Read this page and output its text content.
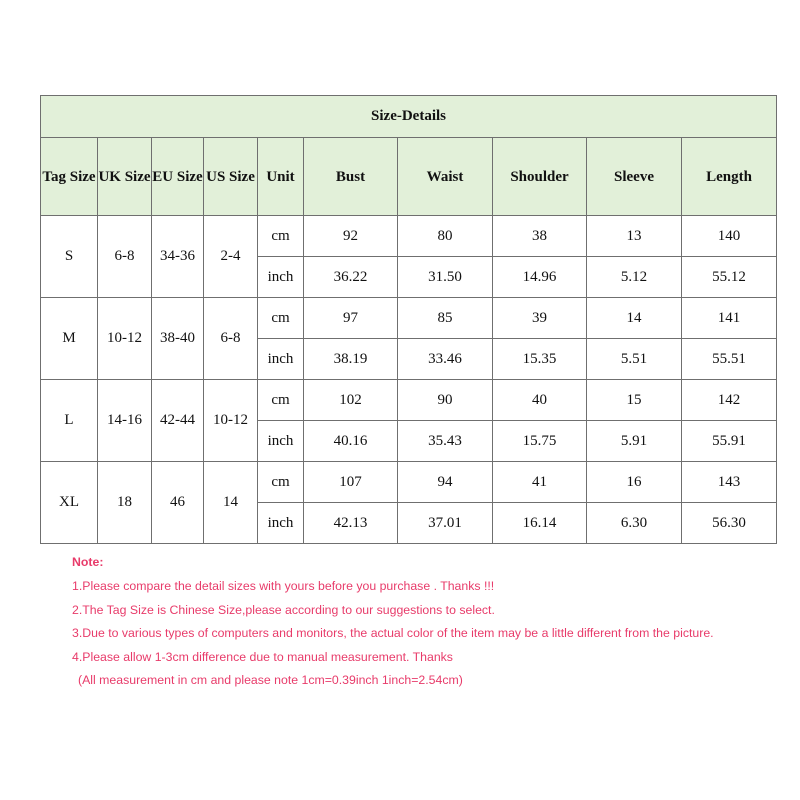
Size-Details									
Tag Size	UK Size	EU Size	US Size	Unit	Bust	Waist	Shoulder	Sleeve	Length
S	6-8	34-36	2-4	cm	92	80	38	13	140
				inch	36.22	31.50	14.96	5.12	55.12
M	10-12	38-40	6-8	cm	97	85	39	14	141
				inch	38.19	33.46	15.35	5.51	55.51
L	14-16	42-44	10-12	cm	102	90	40	15	142
				inch	40.16	35.43	15.75	5.91	55.91
XL	18	46	14	cm	107	94	41	16	143
				inch	42.13	37.01	16.14	6.30	56.30
Note:
1.Please compare the detail sizes with yours before you purchase . Thanks !!!
2.The Tag Size is Chinese Size,please according to our suggestions to select.
3.Due to various types of computers and monitors, the actual color of the item may be a little different from the picture.
4.Please allow 1-3cm difference due to manual measurement. Thanks
(All measurement in cm and please note 1cm=0.39inch 1inch=2.54cm)
